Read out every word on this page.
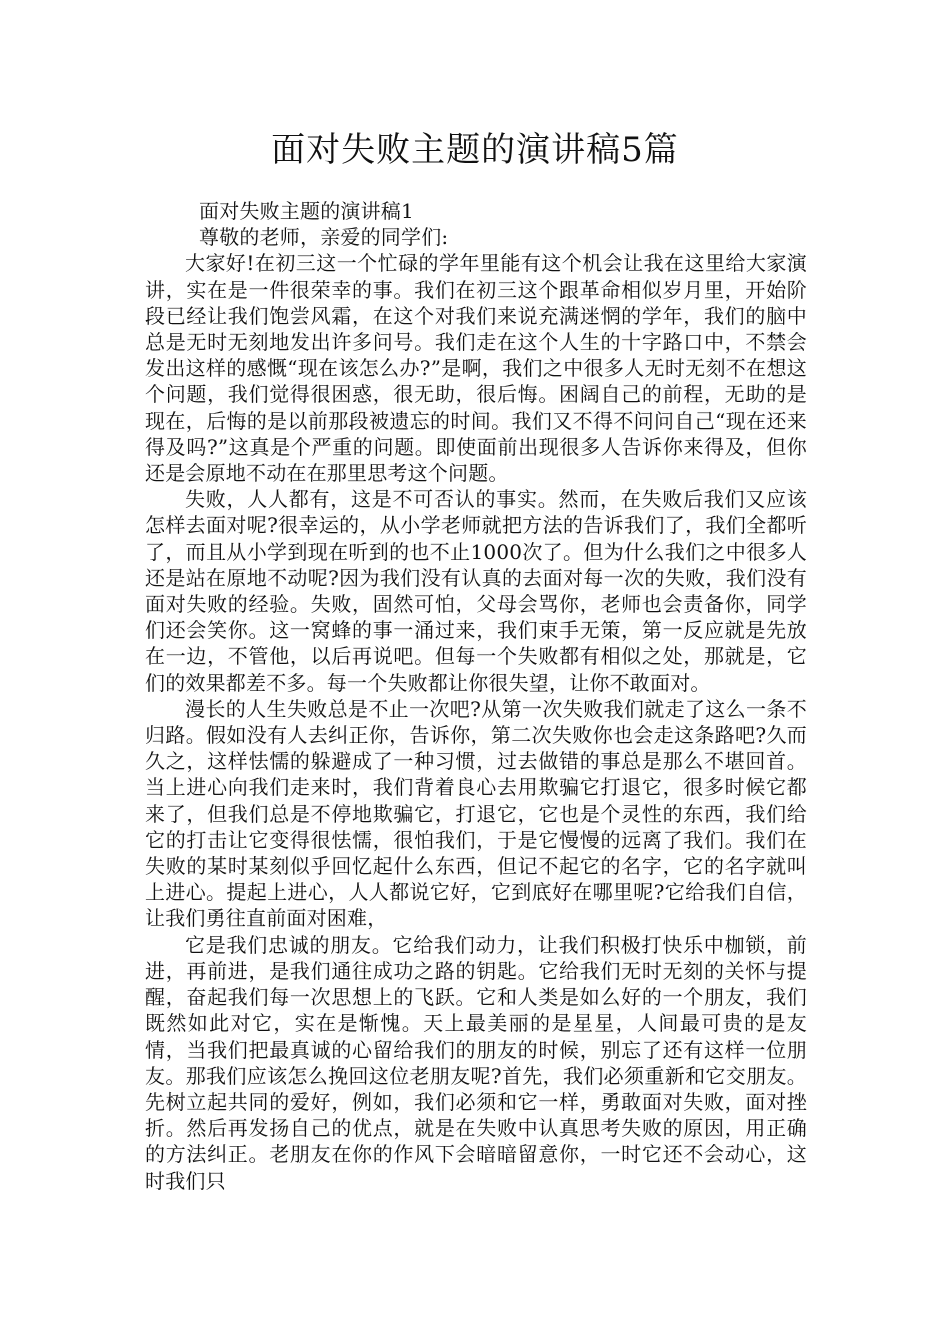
面对失败主题的演讲稿5篇

面对失败主题的演讲稿1

尊敬的老师，亲爱的同学们:

大家好!在初三这一个忙碌的学年里能有这个机会让我在这里给大家演讲，实在是一件很荣幸的事。我们在初三这个跟革命相似岁月里，开始阶段已经让我们饱尝风霜，在这个对我们来说充满迷惘的学年，我们的脑中总是无时无刻地发出许多问号。我们走在这个人生的十字路口中，不禁会发出这样的感慨“现在该怎么办?”是啊，我们之中很多人无时无刻不在想这个问题，我们觉得很困惑，很无助，很后悔。困阔自己的前程，无助的是现在，后悔的是以前那段被遗忘的时间。我们又不得不问问自己“现在还来得及吗?”这真是个严重的问题。即使面前出现很多人告诉你来得及，但你还是会原地不动在在那里思考这个问题。

失败，人人都有，这是不可否认的事实。然而，在失败后我们又应该怎样去面对呢?很幸运的，从小学老师就把方法的告诉我们了，我们全都听了，而且从小学到现在听到的也不止1000次了。但为什么我们之中很多人还是站在原地不动呢?因为我们没有认真的去面对每一次的失败，我们没有面对失败的经验。失败，固然可怕，父母会骂你，老师也会责备你，同学们还会笑你。这一窝蜂的事一涌过来，我们束手无策，第一反应就是先放在一边，不管他，以后再说吧。但每一个失败都有相似之处，那就是，它们的效果都差不多。每一个失败都让你很失望，让你不敢面对。

漫长的人生失败总是不止一次吧?从第一次失败我们就走了这么一条不归路。假如没有人去纠正你，告诉你，第二次失败你也会走这条路吧?久而久之，这样怯懦的躲避成了一种习惯，过去做错的事总是那么不堪回首。当上进心向我们走来时，我们背着良心去用欺骗它打退它，很多时候它都来了，但我们总是不停地欺骗它，打退它，它也是个灵性的东西，我们给它的打击让它变得很怯懦，很怕我们，于是它慢慢的远离了我们。我们在失败的某时某刻似乎回忆起什么东西，但记不起它的名字，它的名字就叫上进心。提起上进心，人人都说它好，它到底好在哪里呢?它给我们自信，让我们勇往直前面对困难，

它是我们忠诚的朋友。它给我们动力，让我们积极打快乐中枷锁，前进，再前进，是我们通往成功之路的钥匙。它给我们无时无刻的关怀与提醒，奋起我们每一次思想上的飞跃。它和人类是如么好的一个朋友，我们既然如此对它，实在是惭愧。天上最美丽的是星星，人间最可贵的是友情，当我们把最真诚的心留给我们的朋友的时候，别忘了还有这样一位朋友。那我们应该怎么挽回这位老朋友呢?首先，我们必须重新和它交朋友。先树立起共同的爱好，例如，我们必须和它一样，勇敢面对失败，面对挫折。然后再发扬自己的优点，就是在失败中认真思考失败的原因，用正确的方法纠正。老朋友在你的作风下会暗暗留意你，一时它还不会动心，这时我们只
